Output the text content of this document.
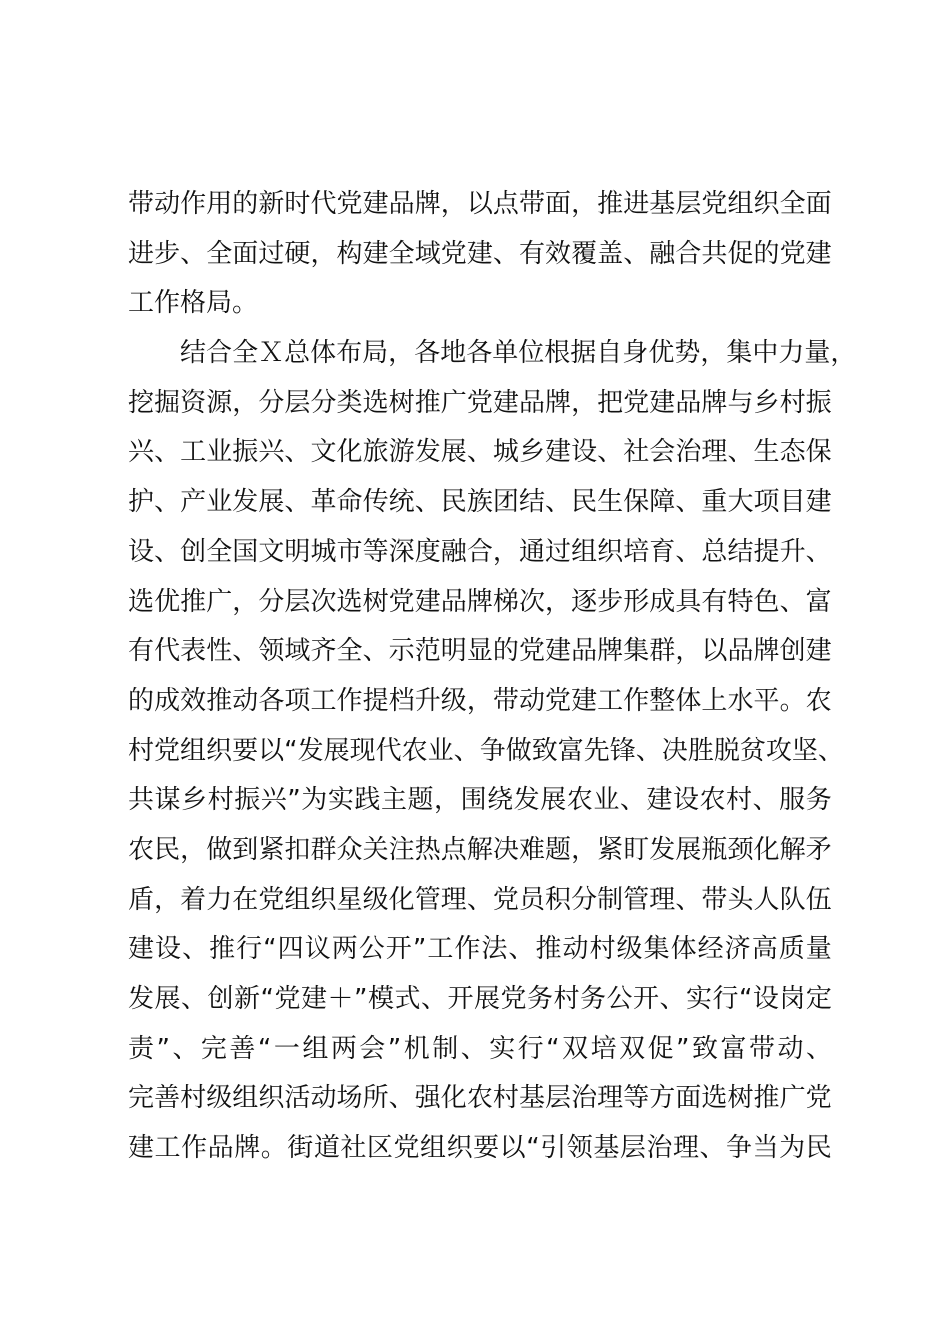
带 动 作 用 的 新 时 代 党 建 品 牌 ， 以 点 带 面 ， 推 进 基 层 党 组 织 全 面
进 步 、 全 面 过 硬 ， 构 建 全 域 党 建 、 有 效 覆 盖 、 融 合 共 促 的 党 建
工作格局。

结 合 全 Ｘ 总 体 布 局 ， 各 地 各 单 位 根 据 自 身 优 势 ， 集 中 力 量 ，
挖 掘 资 源 ， 分 层 分 类 选 树 推 广 党 建 品 牌 ， 把 党 建 品 牌 与 乡 村 振
兴 、 工 业 振 兴 、 文 化 旅 游 发 展 、 城 乡 建 设 、 社 会 治 理 、 生 态 保
护 、 产 业 发 展 、 革 命 传 统 、 民 族 团 结 、 民 生 保 障 、 重 大 项 目 建
设 、 创 全 国 文 明 城 市 等 深 度 融 合 ， 通 过 组 织 培 育 、 总 结 提 升 、
选 优 推 广 ， 分 层 次 选 树 党 建 品 牌 梯 次 ， 逐 步 形 成 具 有 特 色 、 富
有 代 表 性 、 领 域 齐 全 、 示 范 明 显 的 党 建 品 牌 集 群 ， 以 品 牌 创 建
的 成 效 推 动 各 项 工 作 提 档 升 级 ， 带 动 党 建 工 作 整 体 上 水 平 。 农
村 党 组 织 要 以 “ 发 展 现 代 农 业 、 争 做 致 富 先 锋 、 决 胜 脱 贫 攻 坚 、
共 谋 乡 村 振 兴 ” 为 实 践 主 题 ， 围 绕 发 展 农 业 、 建 设 农 村 、 服 务
农 民 ， 做 到 紧 扣 群 众 关 注 热 点 解 决 难 题 ， 紧 盯 发 展 瓶 颈 化 解 矛
盾 ， 着 力 在 党 组 织 星 级 化 管 理 、 党 员 积 分 制 管 理 、 带 头 人 队 伍
建 设 、 推 行 “ 四 议 两 公 开 ” 工 作 法 、 推 动 村 级 集 体 经 济 高 质 量
发 展 、 创 新 “ 党 建 ＋ ” 模 式 、 开 展 党 务 村 务 公 开 、 实 行 “ 设 岗 定
责 ” 、 完 善 “ 一 组 两 会 ” 机 制 、 实 行 “ 双 培 双 促 ” 致 富 带 动 、
完 善 村 级 组 织 活 动 场 所 、 强 化 农 村 基 层 治 理 等 方 面 选 树 推 广 党
建 工 作 品 牌 。 街 道 社 区 党 组 织 要 以 “ 引 领 基 层 治 理 、 争 当 为 民
